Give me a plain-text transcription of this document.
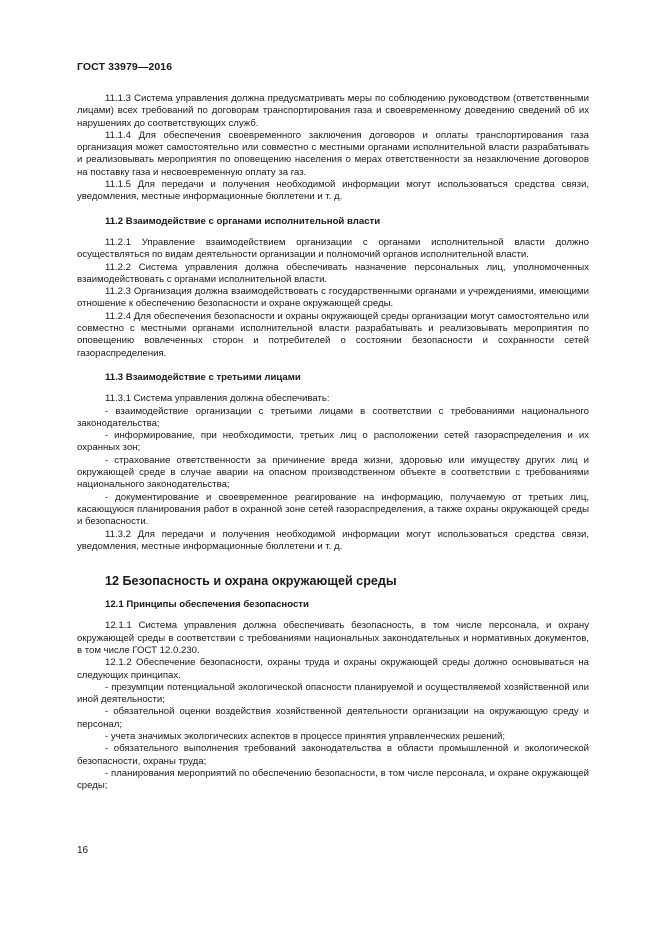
ГОСТ 33979—2016

11.1.3 Система управления должна предусматривать меры по соблюдению руководством (ответственными лицами) всех требований по договорам транспортирования газа и своевременному доведению сведений об их нарушениях до соответствующих служб.

11.1.4 Для обеспечения своевременного заключения договоров и оплаты транспортирования газа организация может самостоятельно или совместно с местными органами исполнительной власти разрабатывать и реализовывать мероприятия по оповещению населения о мерах ответственности за незаключение договоров на поставку газа и несвоевременную оплату за газ.

11.1.5 Для передачи и получения необходимой информации могут использоваться средства связи, уведомления, местные информационные бюллетени и т. д.

11.2 Взаимодействие с органами исполнительной власти

11.2.1 Управление взаимодействием организации с органами исполнительной власти должно осуществляться по видам деятельности организации и полномочий органов исполнительной власти.

11.2.2 Система управления должна обеспечивать назначение персональных лиц, уполномоченных взаимодействовать с органами исполнительной власти.

11.2.3 Организация должна взаимодействовать с государственными органами и учреждениями, имеющими отношение к обеспечению безопасности и охране окружающей среды.

11.2.4 Для обеспечения безопасности и охраны окружающей среды организации могут самостоятельно или совместно с местными органами исполнительной власти разрабатывать и реализовывать мероприятия по оповещению вовлеченных сторон и потребителей о состоянии безопасности и сохранности сетей газораспределения.

11.3 Взаимодействие с третьими лицами

11.3.1 Система управления должна обеспечивать:

- взаимодействие организации с третьими лицами в соответствии с требованиями национального законодательства;

- информирование, при необходимости, третьих лиц о расположении сетей газораспределения и их охранных зон;

- страхование ответственности за причинение вреда жизни, здоровью или имуществу других лиц и окружающей среде в случае аварии на опасном производственном объекте в соответствии с требованиями национального законодательства;

- документирование и своевременное реагирование на информацию, получаемую от третьих лиц, касающуюся планирования работ в охранной зоне сетей газораспределения, а также охраны окружающей среды и безопасности.

11.3.2 Для передачи и получения необходимой информации могут использоваться средства связи, уведомления, местные информационные бюллетени и т. д.

12 Безопасность и охрана окружающей среды
12.1 Принципы обеспечения безопасности

12.1.1 Система управления должна обеспечивать безопасность, в том числе персонала, и охрану окружающей среды в соответствии с требованиями национальных законодательных и нормативных документов, в том числе ГОСТ 12.0.230.

12.1.2 Обеспечение безопасности, охраны труда и охраны окружающей среды должно основываться на следующих принципах.

- презумпции потенциальной экологической опасности планируемой и осуществляемой хозяйственной или иной деятельности;

- обязательной оценки воздействия хозяйственной деятельности организации на окружающую среду и персонал;

- учета значимых экологических аспектов в процессе принятия управленческих решений;

- обязательного выполнения требований законодательства в области промышленной и экологической безопасности, охраны труда;

- планирования мероприятий по обеспечению безопасности, в том числе персонала, и охране окружающей среды;

16
